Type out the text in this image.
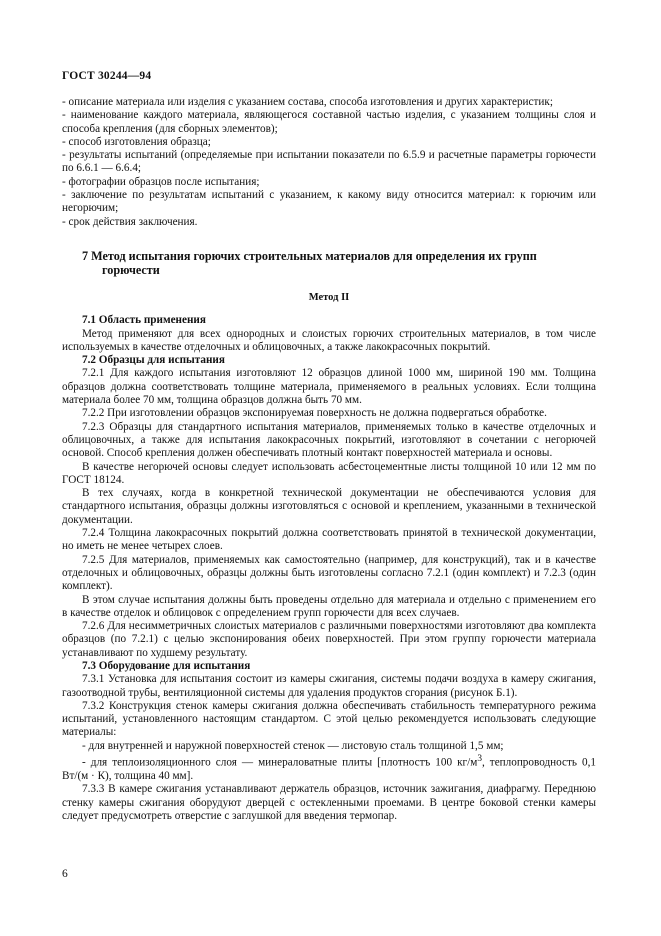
ГОСТ 30244—94

- описание материала или изделия с указанием состава, способа изготовления и других характеристик;

- наименование каждого материала, являющегося составной частью изделия, с указанием толщины слоя и способа крепления (для сборных элементов);

- способ изготовления образца;

- результаты испытаний (определяемые при испытании показатели по 6.5.9 и расчетные параметры горючести по 6.6.1 — 6.6.4;

- фотографии образцов после испытания;

- заключение по результатам испытаний с указанием, к какому виду относится материал: к горючим или негорючим;

- срок действия заключения.

7 Метод испытания горючих строительных материалов для определения их групп горючести

Метод II

7.1 Область применения

Метод применяют для всех однородных и слоистых горючих строительных материалов, в том числе используемых в качестве отделочных и облицовочных, а также лакокрасочных покрытий.

7.2 Образцы для испытания

7.2.1 Для каждого испытания изготовляют 12 образцов длиной 1000 мм, шириной 190 мм. Толщина образцов должна соответствовать толщине материала, применяемого в реальных условиях. Если толщина материала более 70 мм, толщина образцов должна быть 70 мм.

7.2.2 При изготовлении образцов экспонируемая поверхность не должна подвергаться обработке.

7.2.3 Образцы для стандартного испытания материалов, применяемых только в качестве отделочных и облицовочных, а также для испытания лакокрасочных покрытий, изготовляют в сочетании с негорючей основой. Способ крепления должен обеспечивать плотный контакт поверхностей материала и основы.

В качестве негорючей основы следует использовать асбестоцементные листы толщиной 10 или 12 мм по ГОСТ 18124.

В тех случаях, когда в конкретной технической документации не обеспечиваются условия для стандартного испытания, образцы должны изготовляться с основой и креплением, указанными в технической документации.

7.2.4 Толщина лакокрасочных покрытий должна соответствовать принятой в технической документации, но иметь не менее четырех слоев.

7.2.5 Для материалов, применяемых как самостоятельно (например, для конструкций), так и в качестве отделочных и облицовочных, образцы должны быть изготовлены согласно 7.2.1 (один комплект) и 7.2.3 (один комплект).

В этом случае испытания должны быть проведены отдельно для материала и отдельно с применением его в качестве отделок и облицовок с определением групп горючести для всех случаев.

7.2.6 Для несимметричных слоистых материалов с различными поверхностями изготовляют два комплекта образцов (по 7.2.1) с целью экспонирования обеих поверхностей. При этом группу горючести материала устанавливают по худшему результату.

7.3 Оборудование для испытания

7.3.1 Установка для испытания состоит из камеры сжигания, системы подачи воздуха в камеру сжигания, газоотводной трубы, вентиляционной системы для удаления продуктов сгорания (рисунок Б.1).

7.3.2 Конструкция стенок камеры сжигания должна обеспечивать стабильность температурного режима испытаний, установленного настоящим стандартом. С этой целью рекомендуется использовать следующие материалы:

- для внутренней и наружной поверхностей стенок — листовую сталь толщиной 1,5 мм;

- для теплоизоляционного слоя — минераловатные плиты [плотностъ 100 $кг/м^3$, теплопроводность 0,1 Вт/(м · К), толщина 40 мм].

7.3.3 В камере сжигания устанавливают держатель образцов, источник зажигания, диафрагму. Переднюю стенку камеры сжигания оборудуют дверцей с остекленными проемами. В центре боковой стенки камеры следует предусмотреть отверстие с заглушкой для введения термопар.

6
